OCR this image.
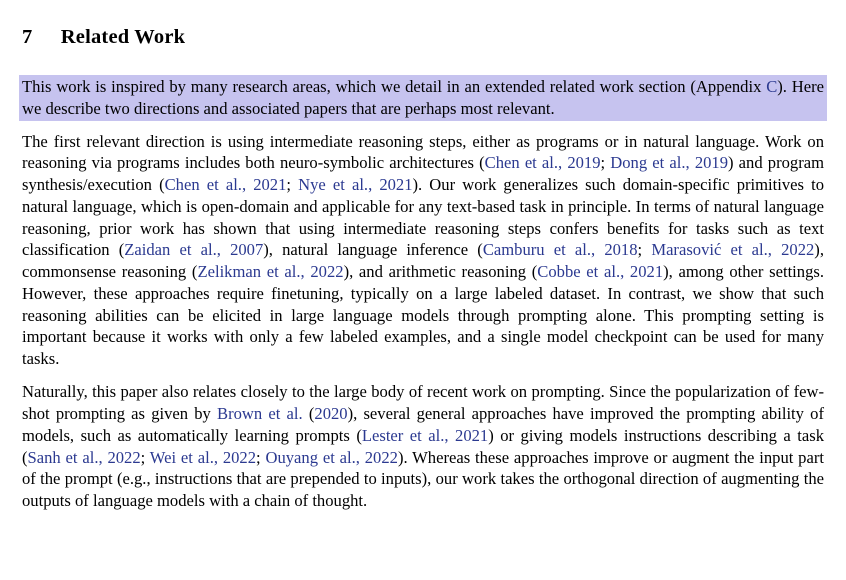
7 Related Work

This work is inspired by many research areas, which we detail in an extended related work section (Appendix C). Here we describe two directions and associated papers that are perhaps most relevant.

The first relevant direction is using intermediate reasoning steps, either as programs or in natural language. Work on reasoning via programs includes both neuro-symbolic architectures (Chen et al., 2019; Dong et al., 2019) and program synthesis/execution (Chen et al., 2021; Nye et al., 2021). Our work generalizes such domain-specific primitives to natural language, which is open-domain and applicable for any text-based task in principle. In terms of natural language reasoning, prior work has shown that using intermediate reasoning steps confers benefits for tasks such as text classification (Zaidan et al., 2007), natural language inference (Camburu et al., 2018; Marasović et al., 2022), commonsense reasoning (Zelikman et al., 2022), and arithmetic reasoning (Cobbe et al., 2021), among other settings. However, these approaches require finetuning, typically on a large labeled dataset. In contrast, we show that such reasoning abilities can be elicited in large language models through prompting alone. This prompting setting is important because it works with only a few labeled examples, and a single model checkpoint can be used for many tasks.

Naturally, this paper also relates closely to the large body of recent work on prompting. Since the popularization of few-shot prompting as given by Brown et al. (2020), several general approaches have improved the prompting ability of models, such as automatically learning prompts (Lester et al., 2021) or giving models instructions describing a task (Sanh et al., 2022; Wei et al., 2022; Ouyang et al., 2022). Whereas these approaches improve or augment the input part of the prompt (e.g., instructions that are prepended to inputs), our work takes the orthogonal direction of augmenting the outputs of language models with a chain of thought.
